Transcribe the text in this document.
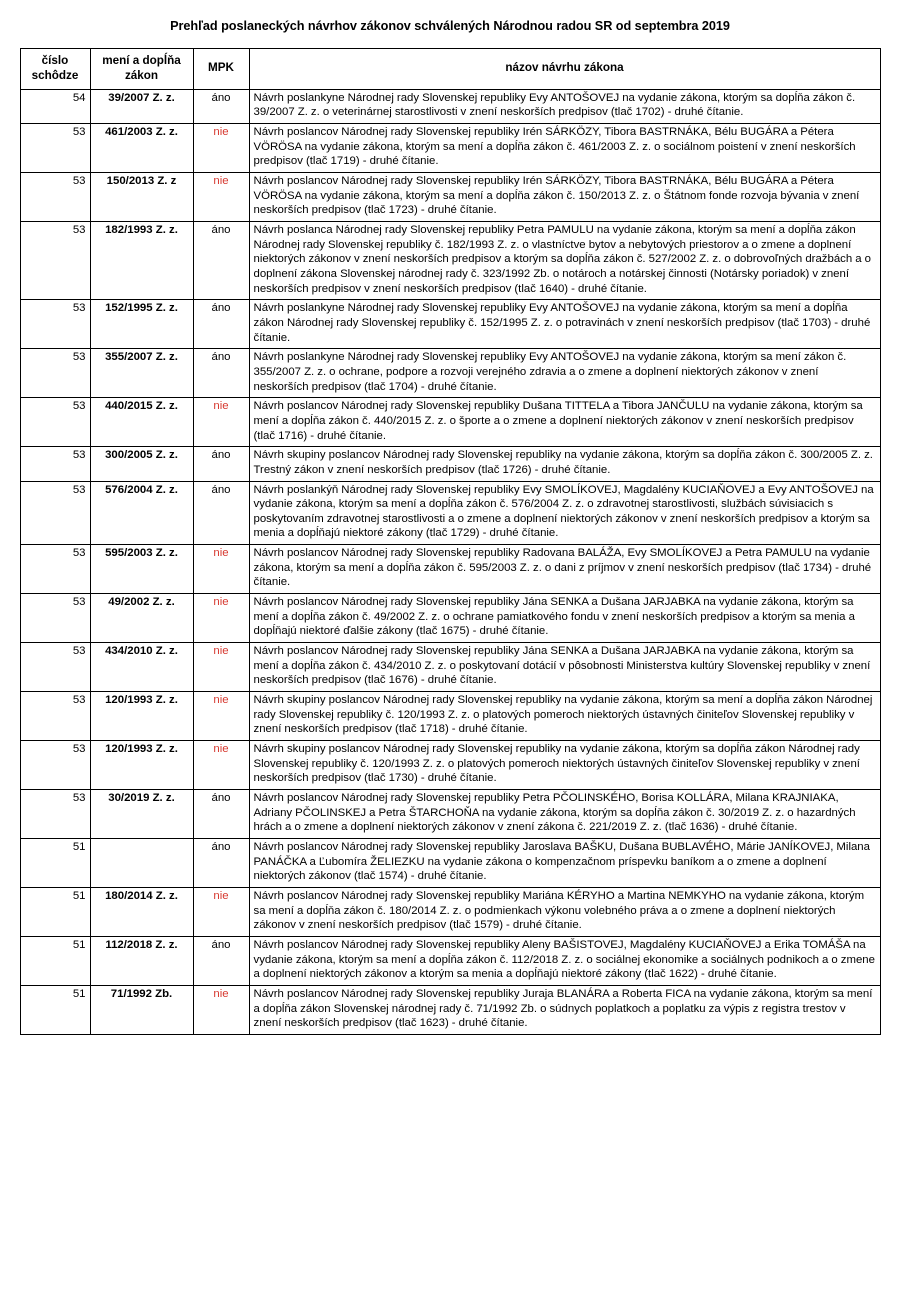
Prehľad poslaneckých návrhov zákonov schválených Národnou radou SR od septembra 2019
číslo schôdze	mení a dopĺňa zákon	MPK	názov návrhu zákona
54	39/2007 Z. z.	áno	Návrh poslankyne Národnej rady Slovenskej republiky Evy ANTOŠOVEJ na vydanie zákona, ktorým sa dopĺňa zákon č. 39/2007 Z. z. o veterinárnej starostlivosti v znení neskorších predpisov (tlač 1702) - druhé čítanie.
53	461/2003 Z. z.	nie	Návrh poslancov Národnej rady Slovenskej republiky Irén SÁRKÖZY, Tibora BASTRNÁKA, Bélu BUGÁRA a Pétera VÖRÖSA na vydanie zákona, ktorým sa mení a dopĺňa zákon č. 461/2003 Z. z. o sociálnom poistení v znení neskorších predpisov (tlač 1719) - druhé čítanie.
53	150/2013 Z. z	nie	Návrh poslancov Národnej rady Slovenskej republiky Irén SÁRKÖZY, Tibora BASTRNÁKA, Bélu BUGÁRA a Pétera VÖRÖSA na vydanie zákona, ktorým sa mení a dopĺňa zákon č. 150/2013 Z. z. o Štátnom fonde rozvoja bývania v znení neskorších predpisov (tlač 1723) - druhé čítanie.
53	182/1993 Z. z.	áno	Návrh poslanca Národnej rady Slovenskej republiky Petra PAMULU na vydanie zákona, ktorým sa mení a dopĺňa zákon Národnej rady Slovenskej republiky č. 182/1993 Z. z. o vlastníctve bytov a nebytových priestorov a o zmene a doplnení niektorých zákonov v znení neskorších predpisov a ktorým sa dopĺňa zákon č. 527/2002 Z. z. o dobrovoľných dražbách a o doplnení zákona Slovenskej národnej rady č. 323/1992 Zb. o notároch a notárskej činnosti (Notársky poriadok) v znení neskorších predpisov v znení neskorších predpisov (tlač 1640) - druhé čítanie.
53	152/1995 Z. z.	áno	Návrh poslankyne Národnej rady Slovenskej republiky Evy ANTOŠOVEJ na vydanie zákona, ktorým sa mení a dopĺňa zákon Národnej rady Slovenskej republiky č. 152/1995 Z. z. o potravinách v znení neskorších predpisov (tlač 1703) - druhé čítanie.
53	355/2007 Z. z.	áno	Návrh poslankyne Národnej rady Slovenskej republiky Evy ANTOŠOVEJ na vydanie zákona, ktorým sa mení zákon č. 355/2007 Z. z. o ochrane, podpore a rozvoji verejného zdravia a o zmene a doplnení niektorých zákonov v znení neskorších predpisov (tlač 1704) - druhé čítanie.
53	440/2015 Z. z.	nie	Návrh poslancov Národnej rady Slovenskej republiky Dušana TITTELA a Tibora JANČULU na vydanie zákona, ktorým sa mení a dopĺňa zákon č. 440/2015 Z. z. o športe a o zmene a doplnení niektorých zákonov v znení neskorších predpisov (tlač 1716) - druhé čítanie.
53	300/2005 Z. z.	áno	Návrh skupiny poslancov Národnej rady Slovenskej republiky na vydanie zákona, ktorým sa dopĺňa zákon č. 300/2005 Z. z. Trestný zákon v znení neskorších predpisov (tlač 1726) - druhé čítanie.
53	576/2004 Z. z.	áno	Návrh poslankýň Národnej rady Slovenskej republiky Evy SMOLÍKOVEJ, Magdalény KUCIAŇOVEJ a Evy ANTOŠOVEJ na vydanie zákona, ktorým sa mení a dopĺňa zákon č. 576/2004 Z. z. o zdravotnej starostlivosti, službách súvisiacich s poskytovaním zdravotnej starostlivosti a o zmene a doplnení niektorých zákonov v znení neskorších predpisov a ktorým sa menia a dopĺňajú niektoré zákony (tlač 1729) - druhé čítanie.
53	595/2003 Z. z.	nie	Návrh poslancov Národnej rady Slovenskej republiky Radovana BALÁŽA, Evy SMOLÍKOVEJ a Petra PAMULU na vydanie zákona, ktorým sa mení a dopĺňa zákon č. 595/2003 Z. z. o dani z príjmov v znení neskorších predpisov (tlač 1734) - druhé čítanie.
53	49/2002 Z. z.	nie	Návrh poslancov Národnej rady Slovenskej republiky Jána SENKA a Dušana JARJABKA na vydanie zákona, ktorým sa mení a dopĺňa zákon č. 49/2002 Z. z. o ochrane pamiatkového fondu v znení neskorších predpisov a ktorým sa menia a dopĺňajú niektoré ďalšie zákony (tlač 1675) - druhé čítanie.
53	434/2010 Z. z.	nie	Návrh poslancov Národnej rady Slovenskej republiky Jána SENKA a Dušana JARJABKA na vydanie zákona, ktorým sa mení a dopĺňa zákon č. 434/2010 Z. z. o poskytovaní dotácií v pôsobnosti Ministerstva kultúry Slovenskej republiky v znení neskorších predpisov (tlač 1676) - druhé čítanie.
53	120/1993 Z. z.	nie	Návrh skupiny poslancov Národnej rady Slovenskej republiky na vydanie zákona, ktorým sa mení a dopĺňa zákon Národnej rady Slovenskej republiky č. 120/1993 Z. z. o platových pomeroch niektorých ústavných činiteľov Slovenskej republiky v znení neskorších predpisov (tlač 1718) - druhé čítanie.
53	120/1993 Z. z.	nie	Návrh skupiny poslancov Národnej rady Slovenskej republiky na vydanie zákona, ktorým sa dopĺňa zákon Národnej rady Slovenskej republiky č. 120/1993 Z. z. o platových pomeroch niektorých ústavných činiteľov Slovenskej republiky v znení neskorších predpisov (tlač 1730) - druhé čítanie.
53	30/2019 Z. z.	áno	Návrh poslancov Národnej rady Slovenskej republiky Petra PČOLINSKÉHO, Borisa KOLLÁRA, Milana KRAJNIAKA, Adriany PČOLINSKEJ a Petra ŠTARCHOŇA na vydanie zákona, ktorým sa dopĺňa zákon č. 30/2019 Z. z. o hazardných hrách a o zmene a doplnení niektorých zákonov v znení zákona č. 221/2019 Z. z. (tlač 1636) - druhé čítanie.
51		áno	Návrh poslancov Národnej rady Slovenskej republiky Jaroslava BAŠKU, Dušana BUBLAVÉHO, Márie JANÍKOVEJ, Milana PANÁČKA a Ľubomíra ŽELIEZKU na vydanie zákona o kompenzačnom príspevku baníkom a o zmene a doplnení niektorých zákonov (tlač 1574) - druhé čítanie.
51	180/2014 Z. z.	nie	Návrh poslancov Národnej rady Slovenskej republiky Mariána KÉRYHO a Martina NEMKYHO na vydanie zákona, ktorým sa mení a dopĺňa zákon č. 180/2014 Z. z. o podmienkach výkonu volebného práva a o zmene a doplnení niektorých zákonov v znení neskorších predpisov (tlač 1579) - druhé čítanie.
51	112/2018 Z. z.	áno	Návrh poslancov Národnej rady Slovenskej republiky Aleny BAŠISTOVEJ, Magdalény KUCIAŇOVEJ a Erika TOMÁŠA na vydanie zákona, ktorým sa mení a dopĺňa zákon č. 112/2018 Z. z. o sociálnej ekonomike a sociálnych podnikoch a o zmene a doplnení niektorých zákonov a ktorým sa menia a dopĺňajú niektoré zákony (tlač 1622) - druhé čítanie.
51	71/1992 Zb.	nie	Návrh poslancov Národnej rady Slovenskej republiky Juraja BLANÁRA a Roberta FICA na vydanie zákona, ktorým sa mení a dopĺňa zákon Slovenskej národnej rady č. 71/1992 Zb. o súdnych poplatkoch a poplatku za výpis z registra trestov v znení neskorších predpisov (tlač 1623) - druhé čítanie.
